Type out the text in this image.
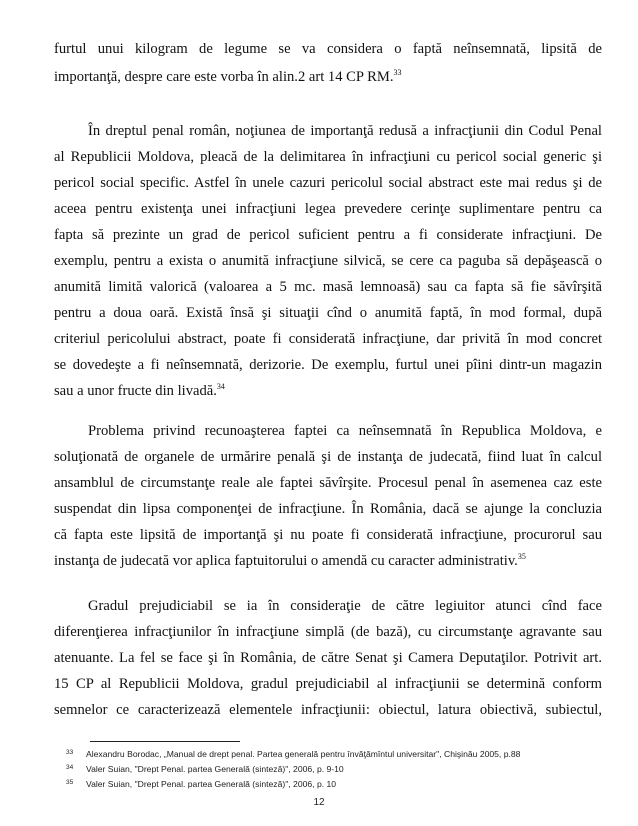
furtul unui kilogram de legume se va considera o faptă neînsemnată, lipsită de
importanţă, despre care este vorba în alin.2 art 14 CP RM.$^{33}$
În dreptul penal român, noţiunea de importanţă redusă a infracţiunii din Codul Penal
al Republicii Moldova, pleacă de la delimitarea în infracţiuni cu pericol social generic şi
pericol social specific. Astfel în unele cazuri pericolul social abstract este mai redus şi de
aceea pentru existenţa unei infracţiuni legea prevedere cerinţe suplimentare pentru ca
fapta să prezinte un grad de pericol suficient pentru a fi considerate infracţiuni. De
exemplu, pentru a exista o anumită infracţiune silvică, se cere ca paguba să depăşească o
anumită limită valorică (valoarea a 5 mc. masă lemnoasă) sau ca fapta să fie săvîrşită
pentru a doua oară. Există însă şi situaţii cînd o anumită faptă, în mod formal, după
criteriul pericolului abstract, poate fi considerată infracţiune, dar privită în mod concret
se dovedeşte a fi neînsemnată, derizorie. De exemplu, furtul unei pîini dintr-un magazin
sau a unor fructe din livadă.$^{34}$
Problema privind recunoaşterea faptei ca neînsemnată în Republica Moldova, e
soluţionată de organele de urmărire penală şi de instanţa de judecată, fiind luat în calcul
ansamblul de circumstanţe reale ale faptei săvîrşite. Procesul penal în asemenea caz este
suspendat din lipsa componenţei de infracţiune. În România, dacă se ajunge la concluzia
că fapta este lipsită de importanţă şi nu poate fi considerată infracţiune, procurorul sau
instanţa de judecată vor aplica faptuitorului o amendă cu caracter administrativ.$^{35}$
Gradul prejudiciabil se ia în consideraţie de către legiuitor atunci cînd face
diferenţierea infracţiunilor în infracţiune simplă (de bază), cu circumstanţe agravante sau
atenuante. La fel se face şi în România, de către Senat şi Camera Deputaţilor. Potrivit art.
15 CP al Republicii Moldova, gradul prejudiciabil al infracţiunii se determină conform
semnelor ce caracterizează elementele infracţiunii: obiectul, latura obiectivă, subiectul,
33 Alexandru Borodac, „Manual de drept penal. Partea generală pentru învăţămîntul universitar", Chişinău 2005, p.88
34 Valer Suian, "Drept Penal. partea Generală (sinteză)", 2006, p. 9-10
35 Valer Suian, "Drept Penal. partea Generală (sinteză)", 2006, p. 10
12
